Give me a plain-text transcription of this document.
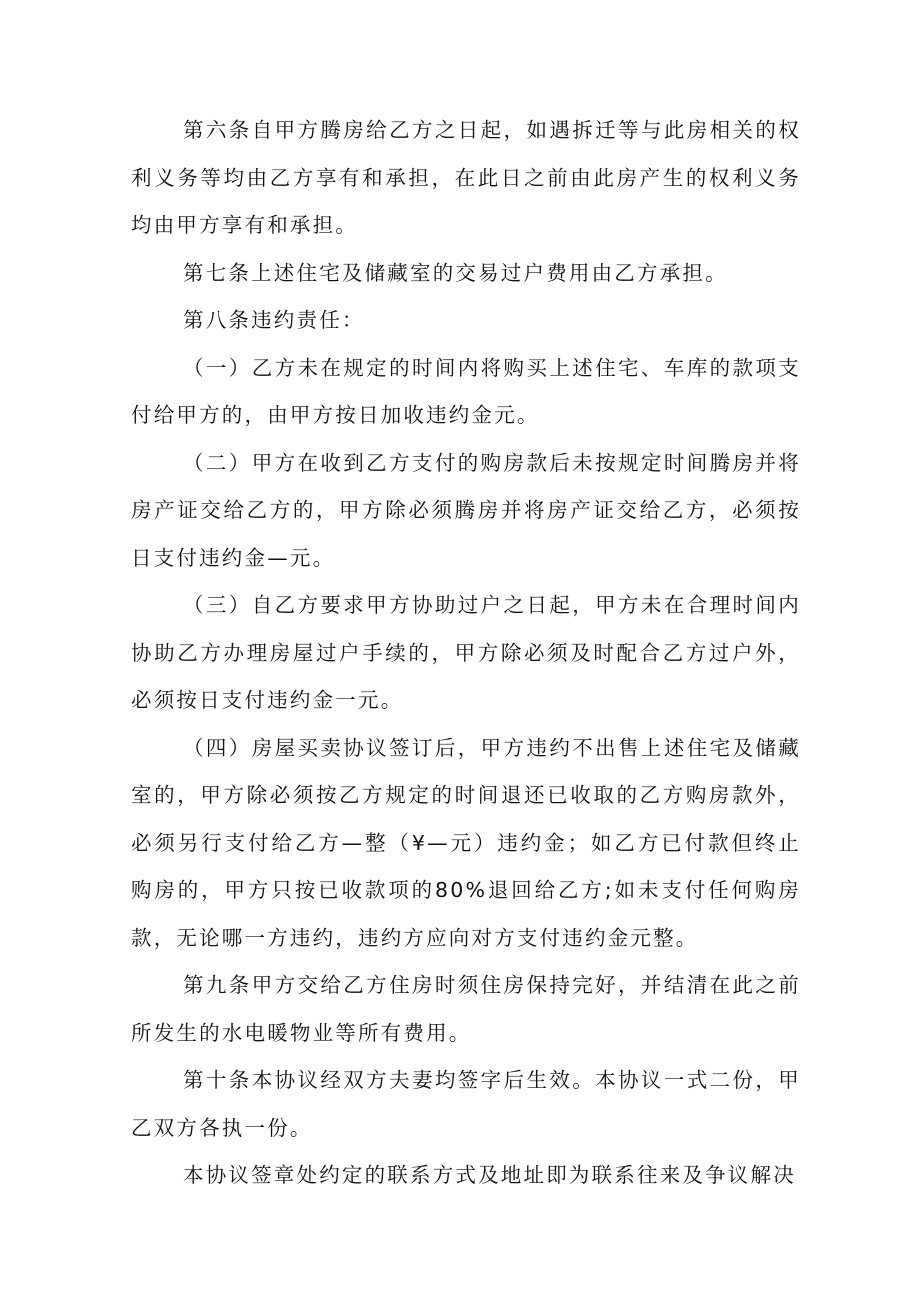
第六条自甲方腾房给乙方之日起，如遇拆迁等与此房相关的权利义务等均由乙方享有和承担，在此日之前由此房产生的权利义务均由甲方享有和承担。

第七条上述住宅及储藏室的交易过户费用由乙方承担。

第八条违约责任：

（一）乙方未在规定的时间内将购买上述住宅、车库的款项支付给甲方的，由甲方按日加收违约金元。

（二）甲方在收到乙方支付的购房款后未按规定时间腾房并将房产证交给乙方的，甲方除必须腾房并将房产证交给乙方，必须按日支付违约金—元。

（三）自乙方要求甲方协助过户之日起，甲方未在合理时间内协助乙方办理房屋过户手续的，甲方除必须及时配合乙方过户外，必须按日支付违约金一元。

（四）房屋买卖协议签订后，甲方违约不出售上述住宅及储藏室的，甲方除必须按乙方规定的时间退还已收取的乙方购房款外，必须另行支付给乙方—整（¥—元）违约金；如乙方已付款但终止购房的，甲方只按已收款项的80%退回给乙方;如未支付任何购房款，无论哪一方违约，违约方应向对方支付违约金元整。

第九条甲方交给乙方住房时须住房保持完好，并结清在此之前所发生的水电暖物业等所有费用。

第十条本协议经双方夫妻均签字后生效。本协议一式二份，甲乙双方各执一份。

本协议签章处约定的联系方式及地址即为联系往来及争议解决
